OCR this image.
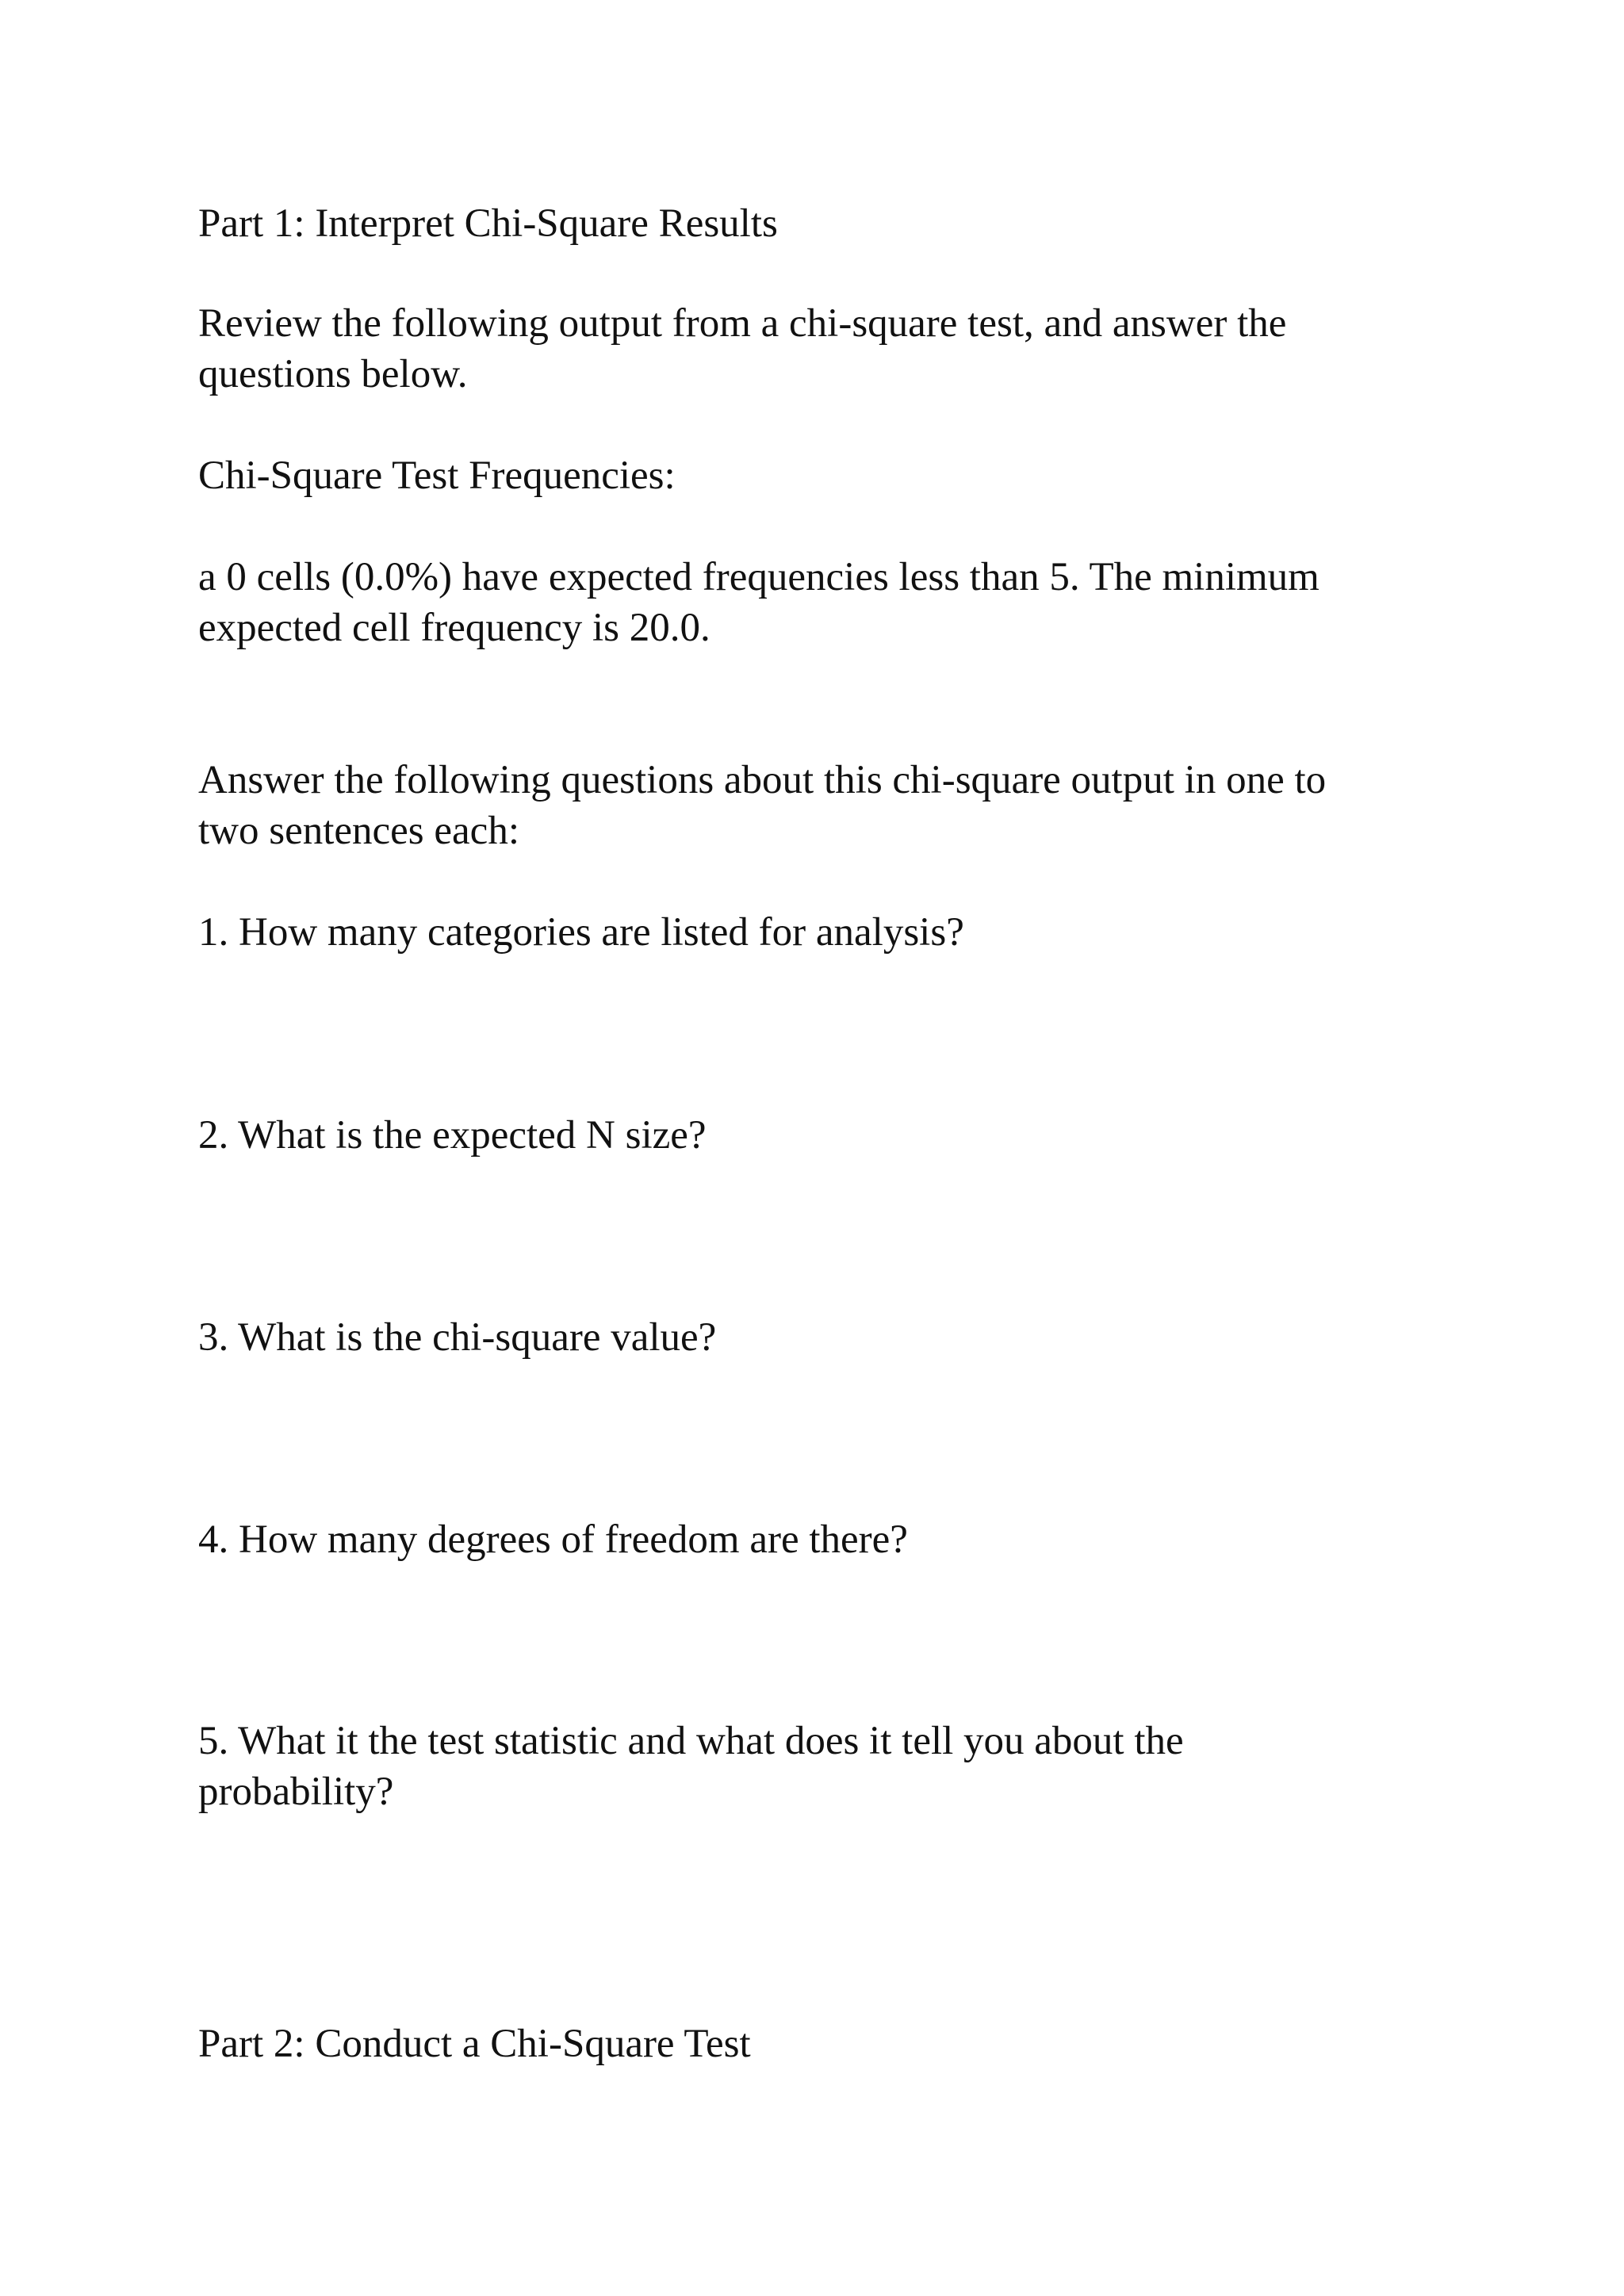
Part 1: Interpret Chi-Square Results

Review the following output from a chi-square test, and answer the

questions below.

Chi-Square Test Frequencies:

a 0 cells (0.0%) have expected frequencies less than 5. The minimum

expected cell frequency is 20.0.

Answer the following questions about this chi-square output in one to

two sentences each:

1. How many categories are listed for analysis?

2. What is the expected N size?

3. What is the chi-square value?

4. How many degrees of freedom are there?

5. What it the test statistic and what does it tell you about the

probability?

Part 2: Conduct a Chi-Square Test
